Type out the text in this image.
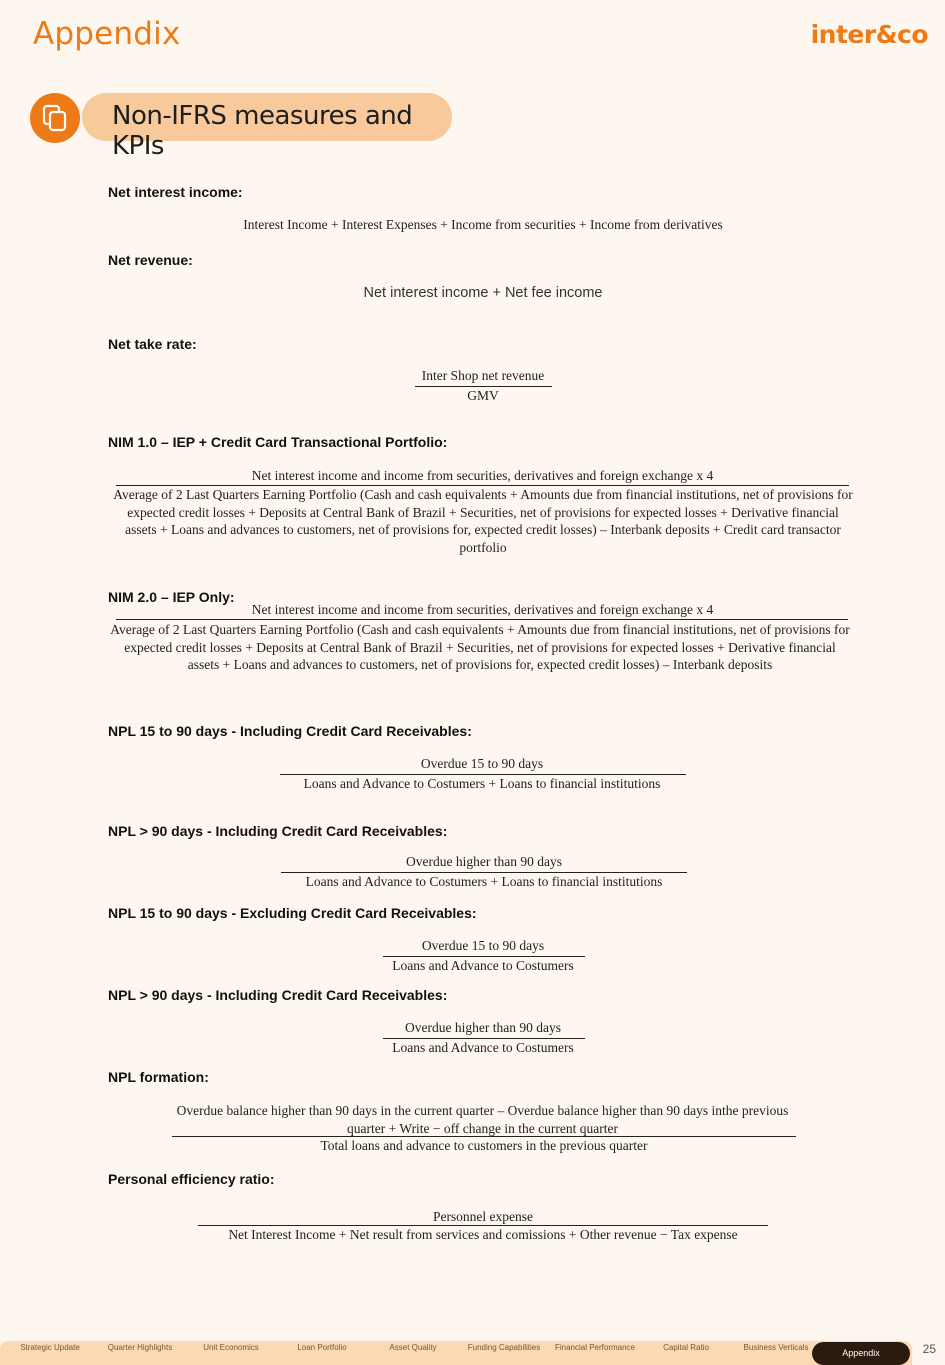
Appendix	inter&co
Non-IFRS measures and KPIs
Net interest income:
Interest Income + Interest Expenses + Income from securities + Income from derivatives
Net revenue:
Net interest income + Net fee income
Net take rate:
Inter Shop net revenue
GMV
NIM 1.0 – IEP + Credit Card Transactional Portfolio:
Net interest income and income from securities, derivatives and foreign exchange x 4
Average of 2 Last Quarters Earning Portfolio (Cash and cash equivalents + Amounts due from financial institutions, net of provisions for expected credit losses + Deposits at Central Bank of Brazil + Securities, net of provisions for expected losses + Derivative financial assets + Loans and advances to customers, net of provisions for, expected credit losses) – Interbank deposits + Credit card transactor portfolio
NIM 2.0 – IEP Only:
Net interest income and income from securities, derivatives and foreign exchange x 4
Average of 2 Last Quarters Earning Portfolio (Cash and cash equivalents + Amounts due from financial institutions, net of provisions for expected credit losses + Deposits at Central Bank of Brazil + Securities, net of provisions for expected losses + Derivative financial assets + Loans and advances to customers, net of provisions for, expected credit losses) – Interbank deposits
NPL 15 to 90 days - Including Credit Card Receivables:
Overdue 15 to 90 days
Loans and Advance to Costumers + Loans to financial institutions
NPL > 90 days - Including Credit Card Receivables:
Overdue higher than 90 days
Loans and Advance to Costumers + Loans to financial institutions
NPL 15 to 90 days - Excluding Credit Card Receivables:
Overdue 15 to 90 days
Loans and Advance to Costumers
NPL > 90 days - Including Credit Card Receivables:
Overdue higher than 90 days
Loans and Advance to Costumers
NPL formation:
Overdue balance higher than 90 days in the current quarter – Overdue balance higher than 90 days inthe previous quarter + Write − off change in the current quarter
Total loans and advance to customers in the previous quarter
Personal efficiency ratio:
Personnel expense
Net Interest Income + Net result from services and comissions + Other revenue − Tax expense
Strategic Update	Quarter Highlights	Unit Economics	Loan Portfolio	Asset Quality	Funding Capabilities	Financial Performance	Capital Ratio	Business Verticals
Appendix	25
